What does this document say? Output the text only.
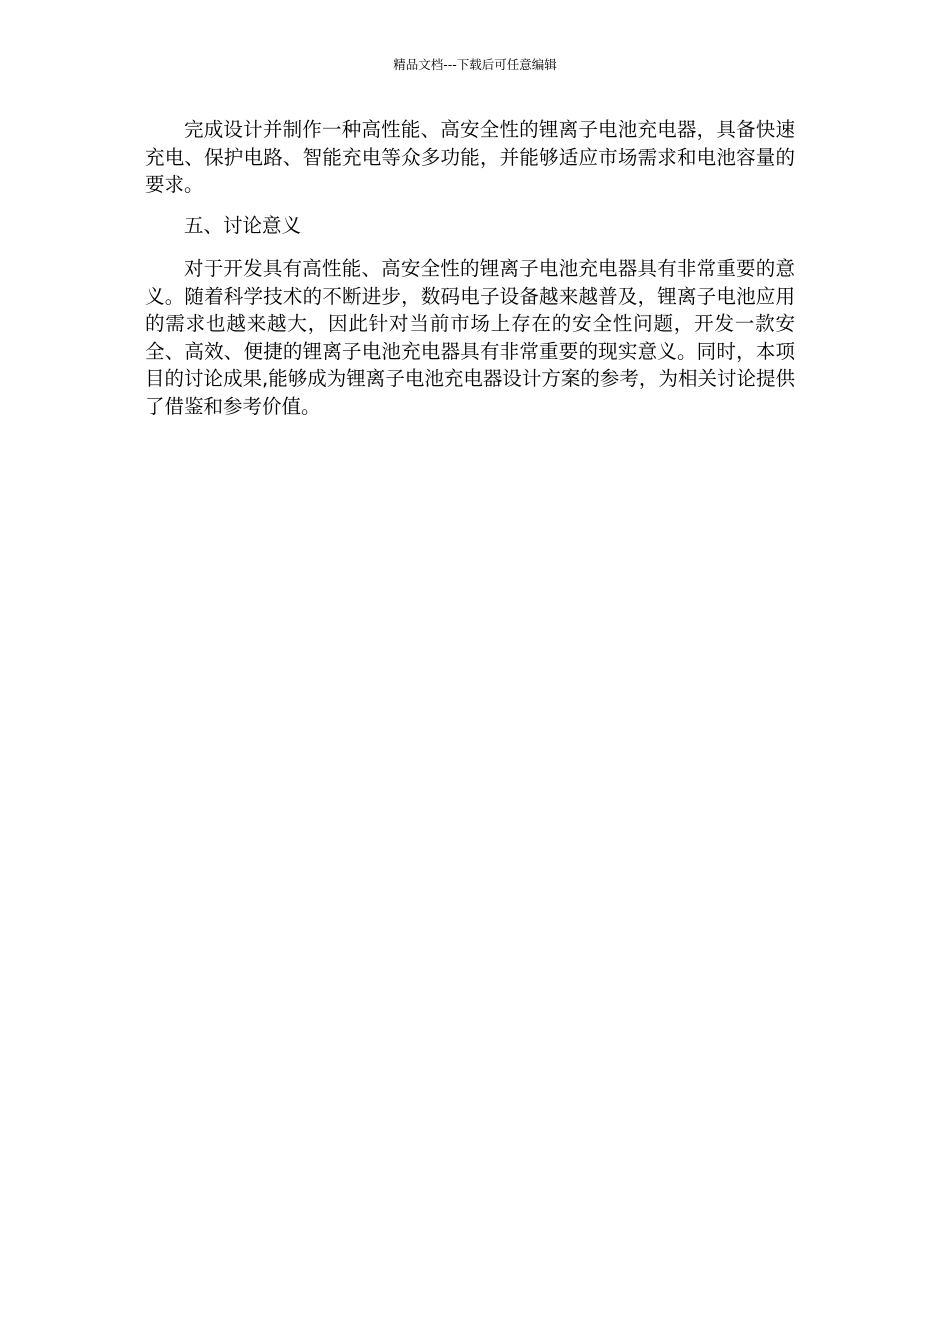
精品文档---下载后可任意编辑

完成设计并制作一种高性能、高安全性的锂离子电池充电器，具备快速充电、保护电路、智能充电等众多功能，并能够适应市场需求和电池容量的要求。

五、讨论意义

对于开发具有高性能、高安全性的锂离子电池充电器具有非常重要的意义。随着科学技术的不断进步，数码电子设备越来越普及，锂离子电池应用的需求也越来越大，因此针对当前市场上存在的安全性问题，开发一款安全、高效、便捷的锂离子电池充电器具有非常重要的现实意义。同时，本项目的讨论成果,能够成为锂离子电池充电器设计方案的参考，为相关讨论提供了借鉴和参考价值。
